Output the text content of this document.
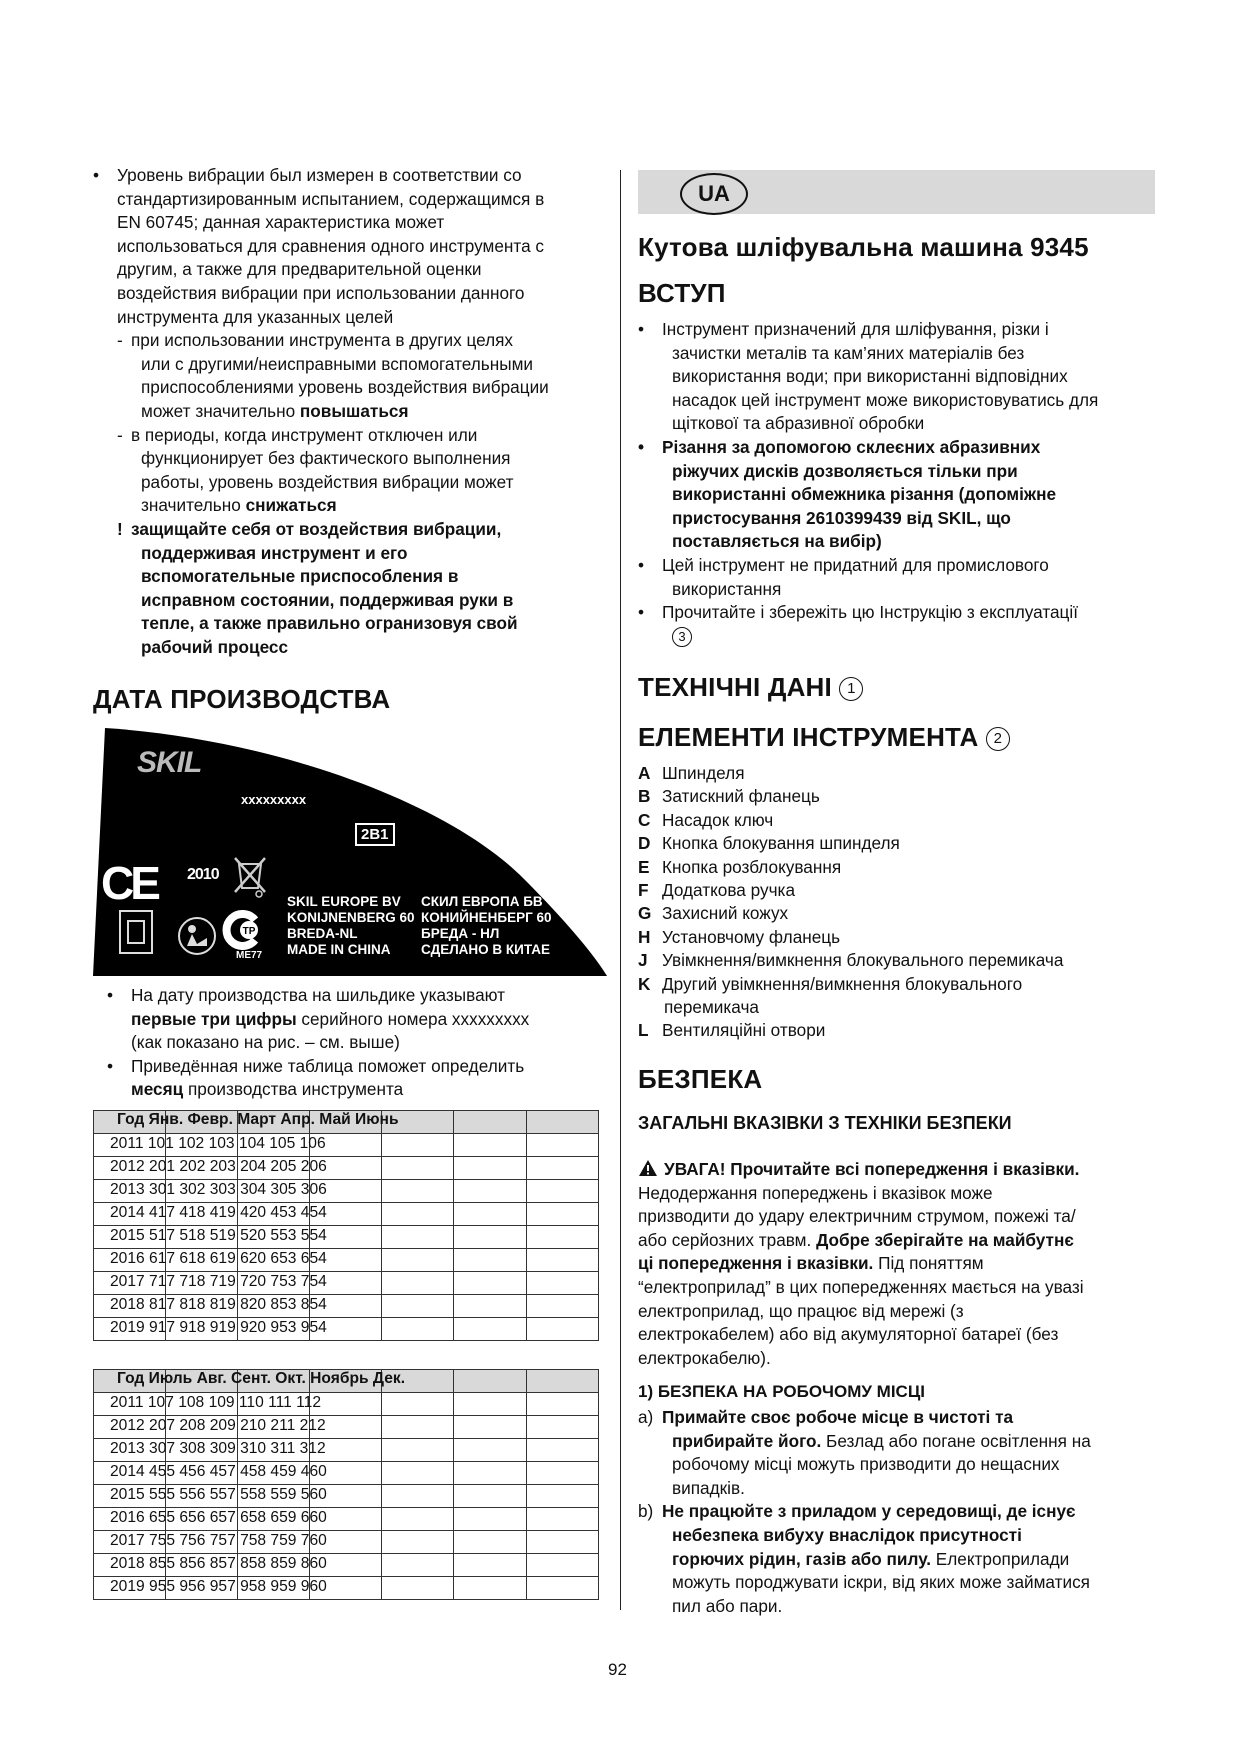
• Уровень вибрации был измерен в соответствии со
стандартизированным испытанием, содержащимся в
EN 60745; данная характеристика может
использоваться для сравнения одного инструмента с
другим, а также для предварительной оценки
воздействия вибрации при использовании данного
инструмента для указанных целей
- при использовании инструмента в других целях
или с другими/неисправными вспомогательными
приспособлениями уровень воздействия вибрации
может значительно повышаться
- в периоды, когда инструмент отключен или
функционирует без фактического выполнения
работы, уровень воздействия вибрации может
значительно снижаться
! защищайте себя от воздействия вибрации,
поддерживая инструмент и его
вспомогательные приспособления в
исправном состоянии, поддерживая руки в
тепле, а также правильно огранизовуя свой
рабочий процесс
ДАТА ПРОИЗВОДСТВА
SKIL
xxxxxxxxx
2B1
CE 2010
TP
ME77
SKIL EUROPE BV
KONIJNENBERG 60
BREDA-NL
MADE IN CHINA
СКИЛ ЕВРОПА БВ
КОНИЙНЕНБЕРГ 60
БРЕДА - НЛ
СДЕЛАНО В КИТАЕ
• На дату производства на шильдике указывают
первые три цифры серийного номера xxxxxxxxx
(как показано на рис. – см. выше)
• Приведённая ниже таблица поможет определить
месяц производства инструмента

Год Янв. Февр. Март Апр. Май Июнь
2011 101 102 103 104 105 106
2012 201 202 203 204 205 206
2013 301 302 303 304 305 306
2014 417 418 419 420 453 454
2015 517 518 519 520 553 554
2016 617 618 619 620 653 654
2017 717 718 719 720 753 754
2018 817 818 819 820 853 854
2019 917 918 919 920 953 954

Год Июль Авг. Сент. Окт. Ноябрь Дек.
2011 107 108 109 110 111 112
2012 207 208 209 210 211 212
2013 307 308 309 310 311 312
2014 455 456 457 458 459 460
2015 555 556 557 558 559 560
2016 655 656 657 658 659 660
2017 755 756 757 758 759 760
2018 855 856 857 858 859 860
2019 955 956 957 958 959 960
UA
Кутова шліфувальна машина 9345
ВСТУП
• Інструмент призначений для шліфування, різки і
зачистки металів та кам’яних матеріалів без
використання води; при використанні відповідних
насадок цей інструмент може використовуватись для
щіткової та абразивної обробки
• Різання за допомогою склеєних абразивних
ріжучих дисків дозволяється тільки при
використанні обмежника різання (допоміжне
пристосування 2610399439 від SKIL, що
поставляється на вибір)
• Цей інструмент не придатний для промислового
використання
• Прочитайте і збережіть цю Інструкцію з експлуатації
3
ТЕХНІЧНІ ДАНІ 1
ЕЛЕМЕНТИ ІНСТРУМЕНТА 2
A Шпинделя
B Затискний фланець
C Насадок ключ
D Кнопка блокування шпинделя
E Кнопка розблокування
F Додаткова ручка
G Захисний кожух
H Установчому фланець
J Увімкнення/вимкнення блокувального перемикача
K Другий увімкнення/вимкнення блокувального
перемикача
L Вентиляційні отвори
БЕЗПЕКА
ЗАГАЛЬНІ ВКАЗІВКИ З ТЕХНІКИ БЕЗПЕКИ
УВАГА! Прочитайте всі попередження і вказівки.
Недодержання попереджень і вказівок може
призводити до удару електричним струмом, пожежі та/
або серйозних травм. Добре зберігайте на майбутнє
ці попередження і вказівки. Під поняттям
“електроприлад” в цих попередженнях мається на увазі
електроприлад, що працює від мережі (з
електрокабелем) або від акумуляторної батареї (без
електрокабелю).
1) БЕЗПЕКА НА РОБОЧОМУ МІСЦІ
a) Примайте своє робоче місце в чистоті та
прибирайте його. Безлад або погане освітлення на
робочому місці можуть призводити до нещасних
випадків.
b) Не працюйте з приладом у середовищі, де існує
небезпека вибуху внаслідок присутності
горючих рідин, газів або пилу. Електроприлади
можуть породжувати іскри, від яких може займатися
пил або пари.
92
